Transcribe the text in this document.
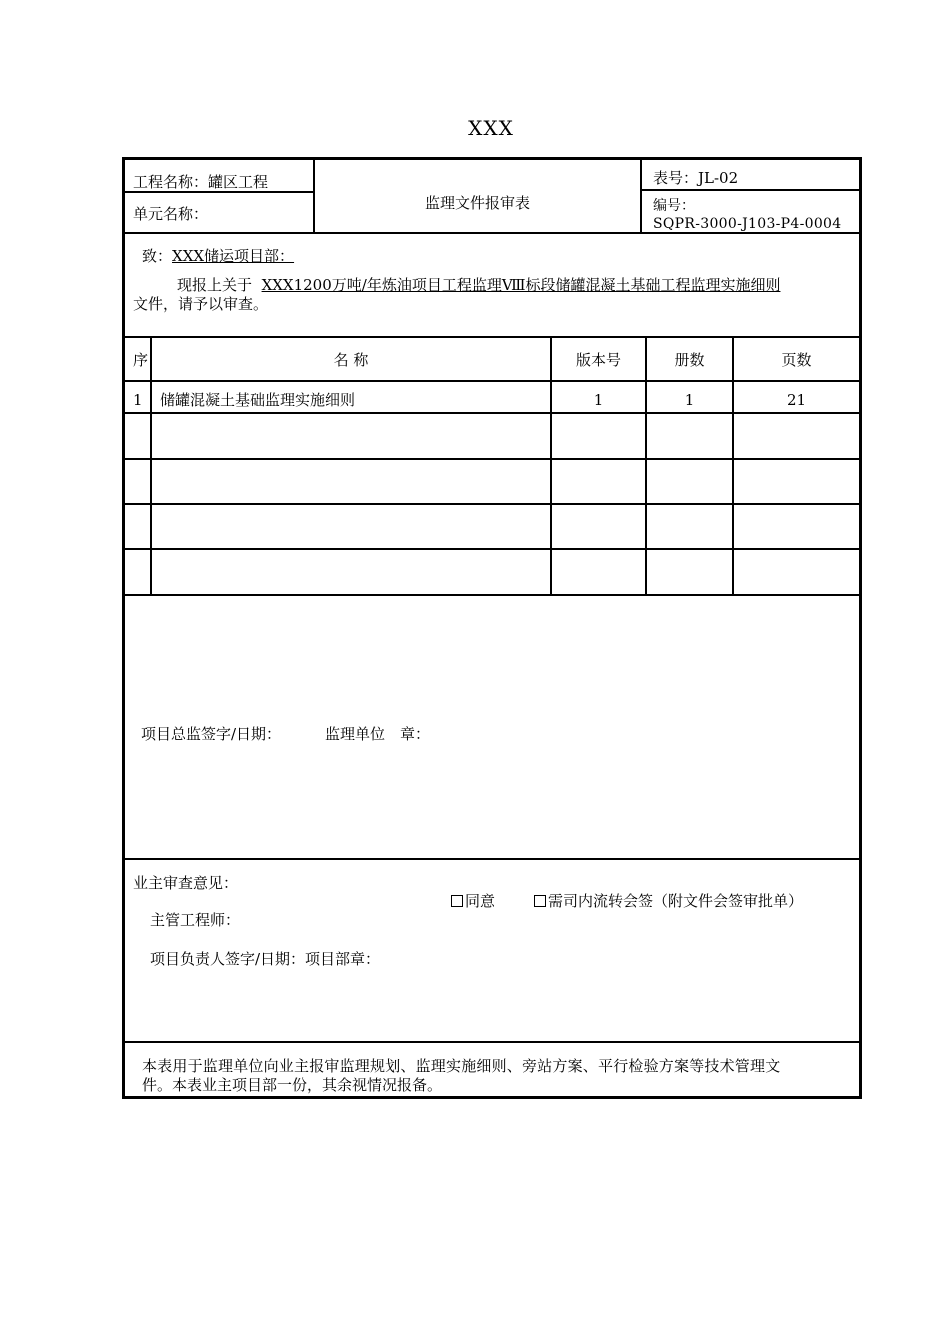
XXX
工程名称：罐区工程
单元名称：
监理文件报审表
表号：JL-02
编号：
SQPR-3000-J103-P4-0004
致：XXX储运项目部：
现报上关于 XXX1200万吨/年炼油项目工程监理Ⅷ标段储罐混凝土基础工程监理实施细则
文件，请予以审查。
序	名 称	版本号	册数	页数
1 储罐混凝土基础监理实施细则	1	1	21
项目总监签字/日期：	监理单位　章：
业主审查意见：
同意	需司内流转会签（附文件会签审批单）
主管工程师：
项目负责人签字/日期：项目部章：
本表用于监理单位向业主报审监理规划、监理实施细则、旁站方案、平行检验方案等技术管理文
件。本表业主项目部一份，其余视情况报备。
